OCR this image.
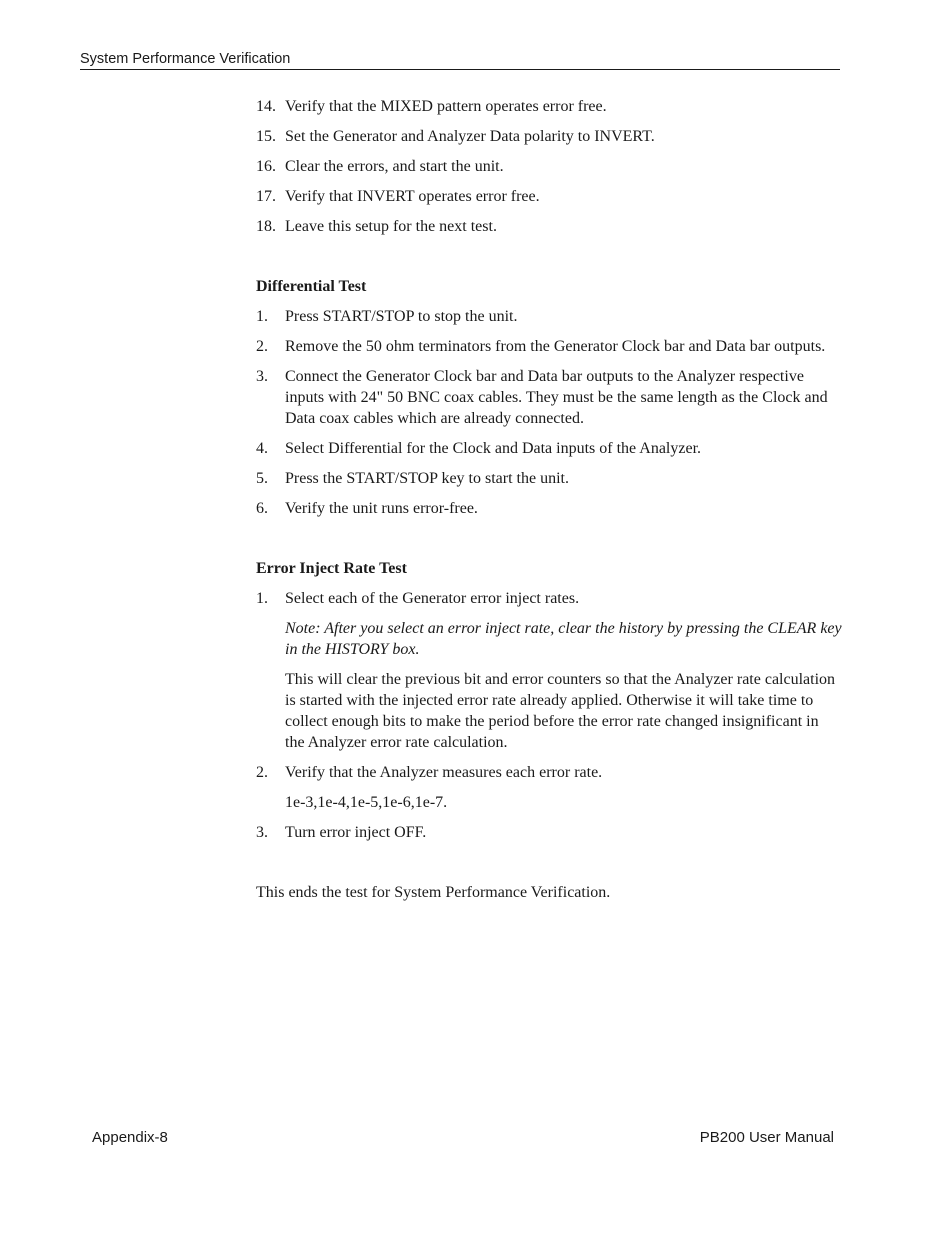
System Performance Verification
14. Verify that the MIXED pattern operates error free.
15. Set the Generator and Analyzer Data polarity to INVERT.
16. Clear the errors, and start the unit.
17. Verify that INVERT operates error free.
18. Leave this setup for the next test.
Differential Test
1. Press START/STOP to stop the unit.
2. Remove the 50 ohm terminators from the Generator Clock bar and Data bar outputs.
3. Connect the Generator Clock bar and Data bar outputs to the Analyzer respective inputs with 24" 50 BNC coax cables. They must be the same length as the Clock and Data coax cables which are already connected.
4. Select Differential for the Clock and Data inputs of the Analyzer.
5. Press the START/STOP key to start the unit.
6. Verify the unit runs error-free.
Error Inject Rate Test
1. Select each of the Generator error inject rates.
Note: After you select an error inject rate, clear the history by pressing the CLEAR key in the HISTORY box.
This will clear the previous bit and error counters so that the Analyzer rate calculation is started with the injected error rate already applied. Otherwise it will take time to collect enough bits to make the period before the error rate changed insignificant in the Analyzer error rate calculation.
2. Verify that the Analyzer measures each error rate.
1e-3,1e-4,1e-5,1e-6,1e-7.
3. Turn error inject OFF.
This ends the test for System Performance Verification.
Appendix-8	PB200 User Manual
